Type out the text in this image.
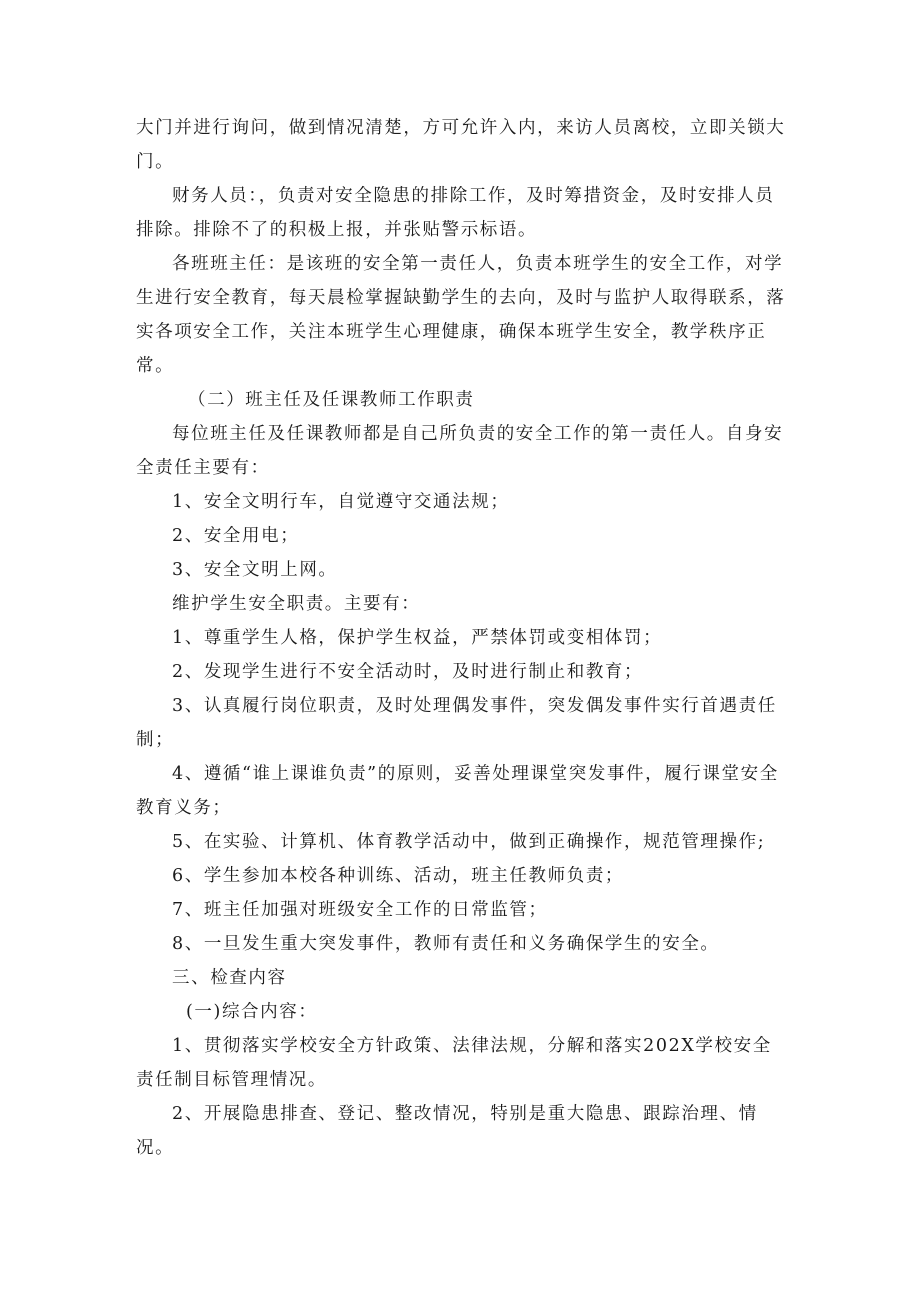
大门并进行询问，做到情况清楚，方可允许入内，来访人员离校，立即关锁大门。

财务人员：，负责对安全隐患的排除工作，及时筹措资金，及时安排人员排除。排除不了的积极上报，并张贴警示标语。

各班班主任：是该班的安全第一责任人，负责本班学生的安全工作，对学生进行安全教育，每天晨检掌握缺勤学生的去向，及时与监护人取得联系，落实各项安全工作，关注本班学生心理健康，确保本班学生安全，教学秩序正常。

（二）班主任及任课教师工作职责

每位班主任及任课教师都是自己所负责的安全工作的第一责任人。自身安全责任主要有：

1、安全文明行车，自觉遵守交通法规；

2、安全用电；

3、安全文明上网。

维护学生安全职责。主要有：

1、尊重学生人格，保护学生权益，严禁体罚或变相体罚；

2、发现学生进行不安全活动时，及时进行制止和教育；

3、认真履行岗位职责，及时处理偶发事件，突发偶发事件实行首遇责任制；

4、遵循“谁上课谁负责”的原则，妥善处理课堂突发事件，履行课堂安全教育义务；

5、在实验、计算机、体育教学活动中，做到正确操作，规范管理操作;

6、学生参加本校各种训练、活动，班主任教师负责；

7、班主任加强对班级安全工作的日常监管；

8、一旦发生重大突发事件，教师有责任和义务确保学生的安全。

三、检查内容

(一)综合内容：

1、贯彻落实学校安全方针政策、法律法规，分解和落实202X学校安全责任制目标管理情况。

2、开展隐患排查、登记、整改情况，特别是重大隐患、跟踪治理、情况。
